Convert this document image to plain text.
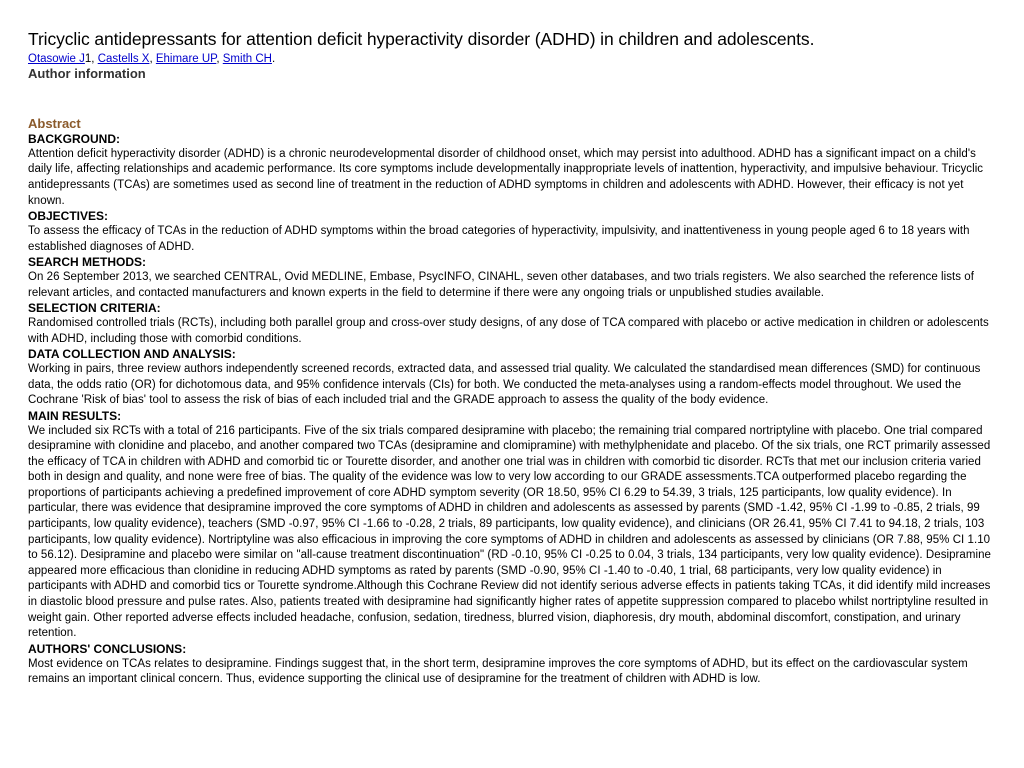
Tricyclic antidepressants for attention deficit hyperactivity disorder (ADHD) in children and adolescents.
Otasowie J1, Castells X, Ehimare UP, Smith CH.
Author information
Abstract
BACKGROUND:

Attention deficit hyperactivity disorder (ADHD) is a chronic neurodevelopmental disorder of childhood onset, which may persist into adulthood. ADHD has a significant impact on a child's daily life, affecting relationships and academic performance. Its core symptoms include developmentally inappropriate levels of inattention, hyperactivity, and impulsive behaviour. Tricyclic antidepressants (TCAs) are sometimes used as second line of treatment in the reduction of ADHD symptoms in children and adolescents with ADHD. However, their efficacy is not yet known.

OBJECTIVES:

To assess the efficacy of TCAs in the reduction of ADHD symptoms within the broad categories of hyperactivity, impulsivity, and inattentiveness in young people aged 6 to 18 years with established diagnoses of ADHD.

SEARCH METHODS:

On 26 September 2013, we searched CENTRAL, Ovid MEDLINE, Embase, PsycINFO, CINAHL, seven other databases, and two trials registers. We also searched the reference lists of relevant articles, and contacted manufacturers and known experts in the field to determine if there were any ongoing trials or unpublished studies available.

SELECTION CRITERIA:

Randomised controlled trials (RCTs), including both parallel group and cross-over study designs, of any dose of TCA compared with placebo or active medication in children or adolescents with ADHD, including those with comorbid conditions.

DATA COLLECTION AND ANALYSIS:

Working in pairs, three review authors independently screened records, extracted data, and assessed trial quality. We calculated the standardised mean differences (SMD) for continuous data, the odds ratio (OR) for dichotomous data, and 95% confidence intervals (CIs) for both. We conducted the meta-analyses using a random-effects model throughout. We used the Cochrane 'Risk of bias' tool to assess the risk of bias of each included trial and the GRADE approach to assess the quality of the body evidence.

MAIN RESULTS:

We included six RCTs with a total of 216 participants. Five of the six trials compared desipramine with placebo; the remaining trial compared nortriptyline with placebo. One trial compared desipramine with clonidine and placebo, and another compared two TCAs (desipramine and clomipramine) with methylphenidate and placebo. Of the six trials, one RCT primarily assessed the efficacy of TCA in children with ADHD and comorbid tic or Tourette disorder, and another one trial was in children with comorbid tic disorder. RCTs that met our inclusion criteria varied both in design and quality, and none were free of bias. The quality of the evidence was low to very low according to our GRADE assessments.TCA outperformed placebo regarding the proportions of participants achieving a predefined improvement of core ADHD symptom severity (OR 18.50, 95% CI 6.29 to 54.39, 3 trials, 125 participants, low quality evidence). In particular, there was evidence that desipramine improved the core symptoms of ADHD in children and adolescents as assessed by parents (SMD -1.42, 95% CI -1.99 to -0.85, 2 trials, 99 participants, low quality evidence), teachers (SMD -0.97, 95% CI -1.66 to -0.28, 2 trials, 89 participants, low quality evidence), and clinicians (OR 26.41, 95% CI 7.41 to 94.18, 2 trials, 103 participants, low quality evidence). Nortriptyline was also efficacious in improving the core symptoms of ADHD in children and adolescents as assessed by clinicians (OR 7.88, 95% CI 1.10 to 56.12). Desipramine and placebo were similar on "all-cause treatment discontinuation" (RD -0.10, 95% CI -0.25 to 0.04, 3 trials, 134 participants, very low quality evidence). Desipramine appeared more efficacious than clonidine in reducing ADHD symptoms as rated by parents (SMD -0.90, 95% CI -1.40 to -0.40, 1 trial, 68 participants, very low quality evidence) in participants with ADHD and comorbid tics or Tourette syndrome.Although this Cochrane Review did not identify serious adverse effects in patients taking TCAs, it did identify mild increases in diastolic blood pressure and pulse rates. Also, patients treated with desipramine had significantly higher rates of appetite suppression compared to placebo whilst nortriptyline resulted in weight gain. Other reported adverse effects included headache, confusion, sedation, tiredness, blurred vision, diaphoresis, dry mouth, abdominal discomfort, constipation, and urinary retention.

AUTHORS' CONCLUSIONS:

Most evidence on TCAs relates to desipramine. Findings suggest that, in the short term, desipramine improves the core symptoms of ADHD, but its effect on the cardiovascular system remains an important clinical concern. Thus, evidence supporting the clinical use of desipramine for the treatment of children with ADHD is low.
